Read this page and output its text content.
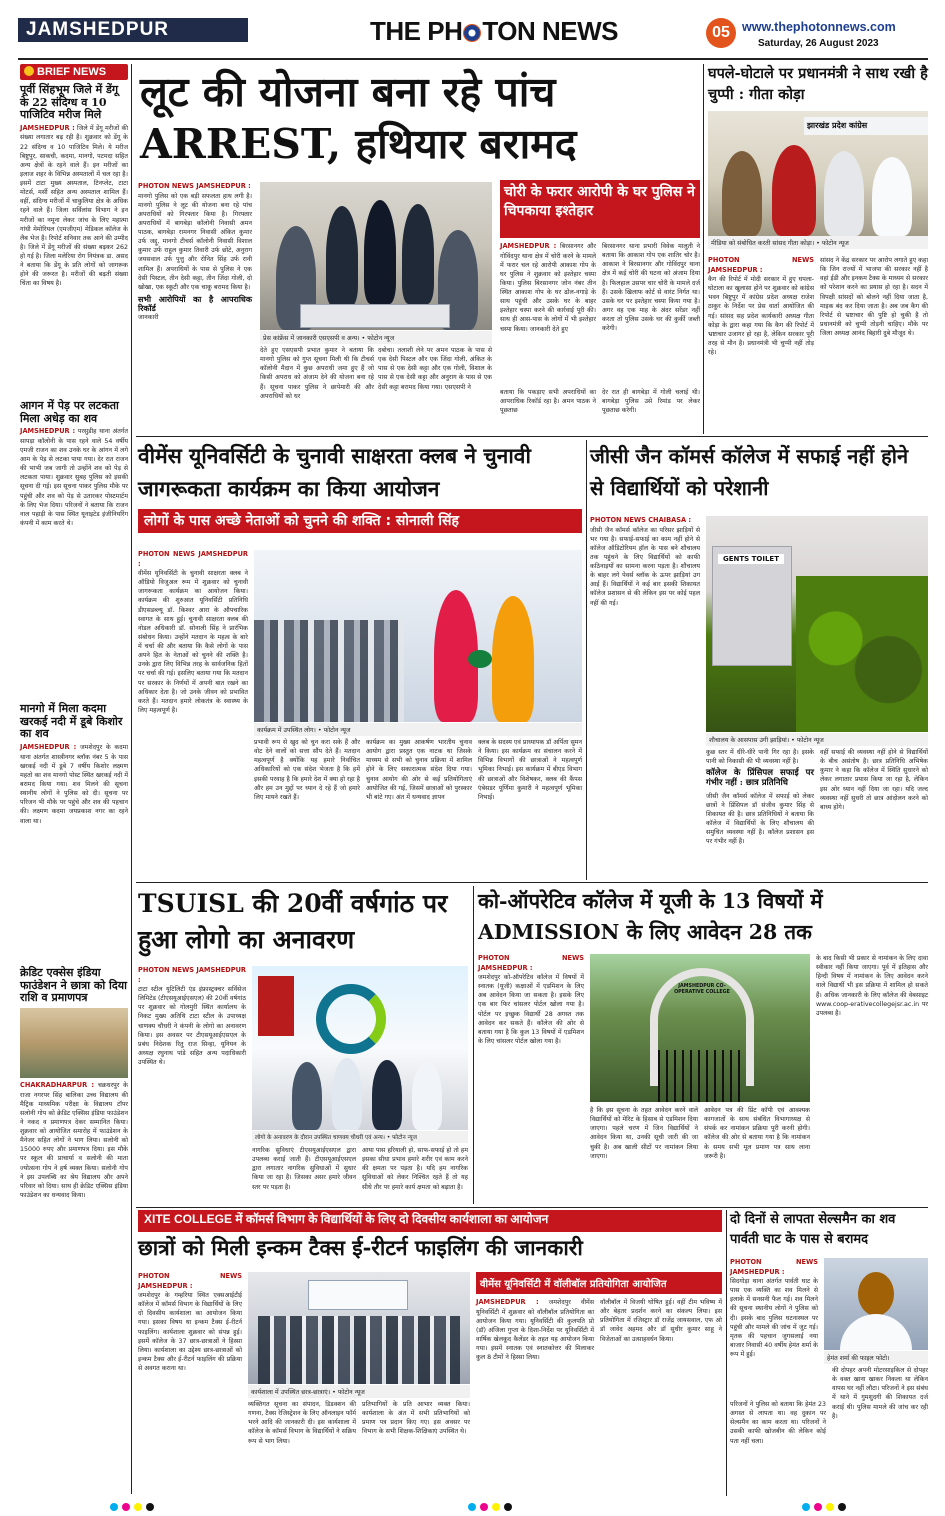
JAMSHEDPUR	THE PH TON NEWS	05 www.thephotonnews.com
Saturday, 26 August 2023
BRIEF NEWS
पूर्वी सिंहभूम जिले में डेंगू के 22 संदिग्ध व 10 पाजिटिव मरीज मिले
JAMSHEDPUR : जिले में डेंगू मरीजों की संख्या लगातार बढ़ रही है। शुक्रवार को डेंगू के 22 संदिग्ध व 10 पाजिटिव मिले। ये मरीज बिष्टुपुर, साकची, कदमा, मानगो, पटमदा सहित अन्य क्षेत्रों के रहने वाले हैं। इन मरीजों का इलाज शहर के विभिन्न अस्पतालों में चल रहा है। इसमें टाटा मुख्य अस्पताल, टिनप्लेट, टाटा मोटर्स, मर्सी सहित अन्य अस्पताल शामिल हैं। वहीं, संदिग्ध मरीजों में चाकुलिया क्षेत्र के अधिक रहने वाले हैं। जिला सर्विलांस विभाग ने इन मरीजों का नमूना लेकर जांच के लिए महात्मा गांधी मेमोरियल (एमजीएम) मेडिकल कॉलेज के लैब भेज है। रिपोर्ट शनिवार तक आने की उम्मीद है। जिले में डेंगू मरीजों की संख्या बढ़कर 262 हो गई है। जिला मलेरिया रोग नियंत्रक डा. असद ने बताया कि डेंगू के प्रति लोगों को जागरूक होने की जरूरत है। मरीजों की बढ़ती संख्या चिंता का विषय है।
आगन में पेड़ पर लटकता मिला अधेड़ का शव
JAMSHEDPUR : परसुडीह थाना अंतर्गत सापड़ा कॉलोनी के पास रहने वाले 54 वर्षीय एमजी राजन का शव उनके घर के आंगन में लगे आम के पेड़ से लटका पाया गया। देर रात राजन की भाभी जब जागी तो उन्होंने शव को पेड़ से लटकता पाया। शुक्रवार सुबह पुलिस को इसकी सूचना दी गई। इस सूचना पाकर पुलिस मौके पर पहुंची और शव को पेड़ से उतारकर पोस्टमार्टम के लिए भेज दिया। परिजनों ने बताया कि राजन नाल पहाड़ी के पास स्थित यूनाइटेड इंजीनियरिंग कंपनी में काम करते थे।
मानगो में मिला कदमा खरकई नदी में डूबे किशोर का शव
JAMSHEDPUR : जमशेदपुर के कदमा थाना अंतर्गत शास्त्रीनगर ब्लॉक नंबर 5 के पास खरकई नदी में डूबे 7 वर्षीय किशोर लक्ष्मण महतो का शव मानगो पोस्ट स्थित खरकई नदी में बरामद किया गया। शव मिलने की सूचना स्थानीय लोगों ने पुलिस को दी। सूचना पर परिजन भी मौके पर पहुंचे और शव की पहचान की। लक्ष्मण कदमा जयप्रकाश नगर का रहने वाला था।
क्रेडिट एक्सेस इंडिया फाउंडेशन ने छात्रा को दिया राशि व प्रमाणपत्र
CHAKRADHARPUR : चक्रधरपुर के राजा नगरपर सिंह बालिका उच्च विद्यालय की मैट्रिक माध्यमिक परीक्षा के विद्यालय टॉपर सलोनी गोप को क्रेडिट एक्सिस इंडिया फाउंडेशन ने नकद व प्रमाणपत्र देकर सम्मानित किया। शुक्रवार को आयोजित समारोह में फाउंडेशन के मैनेजर सहित लोगों ने भाग लिया। सलोनी को 15000 रुपए और प्रमाणपत्र दिया। इस मौके पर स्कूल की प्राचार्या व सलोनी की माता ज्योत्सना गोप ने हर्ष व्यक्त किया। सलोनी गोप ने इस उपलब्धि का श्रेय विद्यालय और अपने परिवार को दिया। साथ ही क्रेडिट एक्सिस इंडिया फाउंडेशन का धन्यवाद किया।
लूट की योजना बना रहे पांच ARREST, हथियार बरामद
PHOTON NEWS JAMSHEDPUR :
मानगो पुलिस को एक बड़ी सफलता हाथ लगी है। मानगो पुलिस ने लूट की योजना बना रहे पांच अपराधियों को गिरफ्तार किया है। गिरफ्तार अपराधियों में बागबेड़ा कॉलोनी निवासी अमन पाठक, बागबेड़ा रामनगर निवासी अंकित कुमार उर्फ जद्दू, मानगो टीचर्स कॉलोनी निवासी विशाल कुमार उर्फ राहुल कुमार तिवारी उर्फ छोटे, अनुराग जयसवाल उर्फ पुत्तु और रोनित सिंह उर्फ रानी शामिल हैं। अपराधियों के पास से पुलिस ने एक देसी पिस्टल, तीन देसी कट्टा, तीन जिंदा गोली, दो खोखा, एक स्कूटी और एक चाकू बरामद किया है।
सभी आरोपियों का है आपराधिक रिकॉर्ड
जानकारी
प्रेस कांफ्रेंस में जानकारी एसएसपी व अन्य। • फोटोन न्यूज
देते हुए एसएसपी प्रभात कुमार ने बताया कि मानगो पुलिस को गुप्त सूचना मिली थी कि टीचर्स कॉलोनी मैदान में कुछ अपराधी जमा हुए हैं जो किसी अपराध को अंजाम देने की योजना बना रहे हैं। सूचना पाकर पुलिस ने छापेमारी की और अपराधियों को धर
दबोचा। तलाशी लेने पर अमन पाठक के पास से एक देसी पिस्टल और एक जिंदा गोली, अंकित के पास से एक देसी कट्टा और एक गोली, विशाल के पास से एक देसी कट्टा और अनुराग के पास से एक देसी कट्टा बरामद किया गया। एसएसपी ने
चोरी के फरार आरोपी के घर पुलिस ने चिपकाया इश्तेहार
JAMSHEDPUR : बिरसानगर और गोविंदपुर थाना क्षेत्र में चोरी करने के मामले में फरार चल रहे आरोपी आकाश गोप के घर पुलिस ने शुक्रवार को इश्तेहार चस्पा किया। पुलिस बिरसानगर जोन नंबर तीन स्थित आकाश गोप के घर ढोल-नगाड़े के साथ पहुंची और उसके घर के बाहर इश्तेहार चस्पा करने की कार्रवाई पूरी की। साथ ही आस-पास के लोगों में भी इश्तेहार चस्पा किया। जानकारी देते हुए
बिरसानगर थाना प्रभारी विवेक मालुती ने बताया कि आकाश गोप एक शातिर चोर है। आकाश ने बिरसानगर और गोविंदपुर थाना क्षेत्र में कई चोरी की घटना को अंजाम दिया है। फिलहाल उसपर चार चोरी के मामले दर्ज हैं। उसके खिलाफ कोर्ट से वारंट निर्गत था। उसके घर पर इश्तेहार चस्पा किया गया है। अगर वह एक माह के अंदर सरेंडर नहीं करता तो पुलिस उसके घर की कुर्की जब्ती करेगी।
बताया कि पकड़ाए सभी अपराधियों का आपराधिक रिकॉर्ड रहा है। अमन पाठक ने पूछताछ
देर रात ही बागबेड़ा में गोली चलाई थी। बागबेड़ा पुलिस उसे रिमांड पर लेकर पूछताछ करेगी।
घपले-घोटाले पर प्रधानमंत्री ने साथ रखी है चुप्पी : गीता कोड़ा
झारखंड प्रदेश कांग्रेस
मीडिया को संबोधित करती सांसद गीता कोड़ा। • फोटोन न्यूज
PHOTON NEWS JAMSHEDPUR :
कैग की रिपोर्ट में मोदी सरकार में हुए घपला-घोटाला का खुलासा होने पर शुक्रवार को कांग्रेस भवन बिष्टुपुर में कांग्रेस प्रदेश अध्यक्ष राजेश ठाकुर के निर्देश पर प्रेस वार्ता आयोजित की गई। सांसद सह प्रदेश कार्यकारी अध्यक्ष गीता कोड़ा के द्वारा कहा गया कि कैग की रिपोर्ट में भ्रष्टाचार उजागर हो रहा है, लेकिन सरकार पूरी तरह से मौन है। प्रधानमंत्री भी चुप्पी नहीं तोड़ रहे।
सांसद ने केंद्र सरकार पर आरोप लगाते हुए कहा कि जिन राज्यों में भाजपा की सरकार नहीं है वहां ईडी और इनकम टैक्स के माध्यम से सरकार को परेशान करने का प्रयास हो रहा है। सदन में विपक्षी सांसदों को बोलने नहीं दिया जाता है, माइक बंद कर दिया जाता है। अब जब कैग की रिपोर्ट से भ्रष्टाचार की पुष्टि हो चुकी है तो प्रधानमंत्री को चुप्पी तोड़नी चाहिए। मौके पर जिला अध्यक्ष आनंद बिहारी दुबे मौजूद थे।
वीमेंस यूनिवर्सिटी के चुनावी साक्षरता क्लब ने चुनावी जागरूकता कार्यक्रम का किया आयोजन
लोगों के पास अच्छे नेताओं को चुनने की शक्ति : सोनाली सिंह
PHOTON NEWS JAMSHEDPUR :
वीमेंस यूनिवर्सिटी के चुनावी साक्षरता क्लब ने ऑडियो विजुअल रूम में शुक्रवार को चुनावी जागरूकता कार्यक्रम का आयोजन किया। कार्यक्रम की शुरुआत यूनिवर्सिटी प्रतिनिधि डीएसडब्ल्यू डॉ. किश्वर आरा के औपचारिक स्वागत के साथ हुई। चुनावी साक्षरता क्लब की नोडल अधिकारी डॉ. सोनाली सिंह ने प्रारंभिक संबोधन किया। उन्होंने मतदान के महत्व के बारे में चर्चा की और बताया कि कैसे लोगों के पास अपने हित के नेताओं को चुनने की शक्ति है। उनके द्वारा लिए विभिन्न तरह के सार्वजनिक हितों पर चर्चा की गई। इसलिए बताया गया कि मतदान पर सरकार के निर्णयों में अपनी बात रखने का अधिकार देता है। जो उनके जीवन को प्रभावित करते हैं। मतदान हमारे लोकतंत्र के स्वास्थ्य के लिए महत्वपूर्ण है।
कार्यक्रम में उपस्थित लोग। • फोटोन न्यूज
प्रभावी रूप से खुद को चुन करा सके हैं और वोट देने वालों को सत्ता सौंप देते हैं। मतदान महत्वपूर्ण है क्योंकि यह हमारे निर्वाचित अधिकारियों को एक संदेश भेजता है कि हमें इसकी परवाह है कि हमारे देश में क्या हो रहा है और हम उन मुद्दों पर ध्यान दे रहे हैं जो हमारे लिए मायने रखते हैं।
कार्यक्रम का मुख्य आकर्षण भारतीय चुनाव आयोग द्वारा प्रस्तुत एक नाटक था जिसके माध्यम से सभी को चुनाव प्रक्रिया में शामिल होने के लिए सकारात्मक संदेश दिया गया। चुनाव आयोग की ओर से कई प्रतियोगिताएं आयोजित की गई, जिसमें छात्राओं को पुरस्कार भी बांटे गए। अंत में धन्यवाद ज्ञापन
क्लब के सदस्य एवं प्राध्यापक डॉ अर्पिता सुमन ने किया। इस कार्यक्रम का संचालन करने में विभिन्न विभागों की छात्राओं ने महत्वपूर्ण भूमिका निभाई। इस कार्यक्रम में बीएड विभाग की छात्राओं और विशेषकर, क्लब की कैंपस एंबेसडर पूर्णिमा कुमारी ने महत्वपूर्ण भूमिका निभाई।
जीसी जैन कॉमर्स कॉलेज में सफाई नहीं होने से विद्यार्थियों को परेशानी
PHOTON NEWS CHAIBASA :
जीसी जैन कॉमर्स कॉलेज का परिसर झाड़ियों से भर गया है। सफाई-सफाई का काम नहीं होने से कॉलेज ऑडिटोरियम हॉल के पास बने शौचालय तक पहुंचने के लिए विद्यार्थियों को काफी कठिनाइयों का सामना करना पड़ता है। शौचालय के बाहर लगे पेवर्स ब्लॉक के ऊपर झाड़ियां उग आई हैं। विद्यार्थियों ने कई बार इसकी शिकायत कॉलेज प्रशासन से की लेकिन इस पर कोई पहल नहीं की गई।
GENTS TOILET
शौचालय के आसपास उगी झाड़ियां। • फोटोन न्यूज
कुछ स्तर में धीरे-धीरे पानी गिर रहा है। इसके पानी को निकासी की भी व्यवस्था नहीं है।
कॉलेज के प्रिंसिपल सफाई पर गंभीर नहीं : छात्र प्रतिनिधि
जीसी जैन कॉमर्स कॉलेज में सफाई को लेकर छात्रों ने प्रिंसिपल डॉ संजीव कुमार सिंह से शिकायत की है। छात्र प्रतिनिधियों ने बताया कि कॉलेज में विद्यार्थियों के लिए शौचालय की समुचित व्यवस्था नहीं है। कॉलेज प्रशासन इस पर गंभीर नहीं है।
वहीं सफाई की व्यवस्था नहीं होने से विद्यार्थियों के बीच असंतोष है। छात्र प्रतिनिधि अभिषेक कुमार ने कहा कि कॉलेज में स्थिति सुधारने को लेकर लगातार प्रयास किया जा रहा है, लेकिन इस ओर ध्यान नहीं दिया जा रहा। यदि जल्द व्यवस्था नहीं सुधरी तो छात्र आंदोलन करने को बाध्य होंगे।
TSUISL की 20वीं वर्षगांठ पर हुआ लोगो का अनावरण
PHOTON NEWS JAMSHEDPUR :
टाटा स्टील यूटिलिटी एंड इंफ्रास्ट्रक्चर सर्विसेज लिमिटेड (टीएसयूआईएसएल) की 20वीं वर्षगांठ पर शुक्रवार को गोलमुरी स्थित कार्यालय के निकट मुख्य अतिथि टाटा स्टील के उपाध्यक्ष चाणक्य चौधरी ने कंपनी के लोगो का अनावरण किया। इस अवसर पर टीएसयूआईएसएल के प्रबंध निदेशक रितु राज सिन्हा, यूनियन के अध्यक्ष रघुनाथ पांडे सहित अन्य पदाधिकारी उपस्थित थे।
लोगो के अनावरण के दौरान उपस्थित चाणक्य चौधरी एवं अन्य। • फोटोन न्यूज
नागरिक सुविधाएं टीएसयूआईएसएल द्वारा उपलब्ध कराई जाती हैं। टीएसयूआईएसएल द्वारा लगातार नागरिक सुविधाओं में सुधार किया जा रहा है। जिसका असर हमारे जीवन स्तर पर पड़ता है।
आया पास हरियाली हो, साफ-सफाई हो तो हम इसका सीधा प्रभाव हमारे शरीर एवं काम करने की क्षमता पर पड़ता है। यदि हम नागरिक सुविधाओं को लेकर निश्चित रहते हैं तो यह सीधे तौर पर हमारे कार्य क्षमता को बढ़ाता है।
को-ऑपरेटिव कॉलेज में यूजी के 13 विषयों में ADMISSION के लिए आवेदन 28 तक
PHOTON NEWS JAMSHEDPUR :
जमशेदपुर को-ऑपरेटिव कॉलेज में विषयों में स्नातक (यूजी) कक्षाओं में एडमिशन के लिए अब आवेदन किया जा सकता है। इसके लिए एक बार फिर चांसलर पोर्टल खोला गया है। पोर्टल पर इच्छुक विद्यार्थी 28 अगस्त तक आवेदन कर सकते हैं। कॉलेज की ओर से बताया गया है कि कुल 13 विषयों में एडमिशन के लिए चांसलर पोर्टल खोला गया है।
JAMSHEDPUR CO-OPERATIVE COLLEGE
है कि इस सूचना के तहत आवेदन करने वाले विद्यार्थियों को मेरिट के हिसाब से एडमिशन दिया जाएगा। पहले चरण में जिन विद्यार्थियों ने आवेदन किया था, उनकी सूची जारी की जा चुकी है। अब खाली सीटों पर नामांकन लिया जाएगा।
आवेदन पत्र की प्रिंट कॉपी एवं आवश्यक कागजातों के साथ संबंधित विभागाध्यक्ष से संपर्क कर नामांकन प्रक्रिया पूरी करनी होगी। कॉलेज की ओर से बताया गया है कि नामांकन के समय सभी मूल प्रमाण पत्र साथ लाना जरूरी है।
के बाद किसी भी प्रकार से नामांकन के लिए दावा स्वीकार नहीं किया जाएगा। पूर्व में इतिहास और हिन्दी विषय में नामांकन के लिए आवेदन करने वाले विद्यार्थी भी इस प्रक्रिया में शामिल हो सकते हैं। अधिक जानकारी के लिए कॉलेज की वेबसाइट www.coop-erativecollegejsr.ac.in पर उपलब्ध है।
XITE COLLEGE में कॉमर्स विभाग के विद्यार्थियों के लिए दो दिवसीय कार्यशाला का आयोजन
छात्रों को मिली इन्कम टैक्स ई-रीटर्न फाइलिंग की जानकारी
PHOTON NEWS JAMSHEDPUR :
जमशेदपुर के गम्हरिया स्थित एक्सआईटीई कॉलेज में कॉमर्स विभाग के विद्यार्थियों के लिए दो दिवसीय कार्यशाला का आयोजन किया गया। इसका विषय था इन्कम टैक्स ई-रीटर्न फाइलिंग। कार्यशाला शुक्रवार को संपन्न हुई। इसमें कॉलेज के 37 छात्र-छात्राओं ने हिस्सा लिया। कार्यशाला का उद्देश्य छात्र-छात्राओं को इन्कम टैक्स और ई-रीटर्न फाइलिंग की प्रक्रिया से अवगत कराना था।
कार्यशाला में उपस्थित छात्र-छात्राएं। • फोटोन न्यूज
व्यक्तिगत सूचना का संपादन, डिडक्शन की गणना, टैक्स रेजिस्ट्रेशन के लिए ऑनलाइन फॉर्म भरने आदि की जानकारी दी। इस कार्यशाला में कॉलेज के कॉमर्स विभाग के विद्यार्थियों ने सक्रिय रूप से भाग लिया।
प्रतिभागियों के प्रति आभार व्यक्त किया। कार्यशाला के अंत में सभी प्रतिभागियों को प्रमाण पत्र प्रदान किए गए। इस अवसर पर विभाग के सभी शिक्षक-शिक्षिकाएं उपस्थित थे।
वीमेंस यूनिवर्सिटी में वॉलीबॉल प्रतियोगिता आयोजित
JAMSHEDPUR : जमशेदपुर वीमेंस यूनिवर्सिटी में शुक्रवार को वॉलीबॉल प्रतियोगिता का आयोजन किया गया। यूनिवर्सिटी की कुलपति प्रो (डॉ) अंजिला गुप्ता के दिशा-निर्देश पर यूनिवर्सिटी में वार्षिक खेलकूद कैलेंडर के तहत यह आयोजन किया गया। इसमें स्नातक एवं स्नातकोत्तर की मिलाकर कुल 8 टीमों ने हिस्सा लिया।
वॉलीबॉल में विजयी घोषित हुई। वहीं टीम भविष्य में और बेहतर प्रदर्शन करने का संकल्प लिया। इस प्रतियोगिता में रजिस्ट्रार डॉ राजेंद्र जायसवाल, एफ ओ डॉ जावेद अहमद और डॉ सुधीर कुमार साहू ने विजेताओं का उत्साहवर्धन किया।
दो दिनों से लापता सेल्समैन का शव पार्वती घाट के पास से बरामद
PHOTON NEWS JAMSHEDPUR :
सिदगोड़ा थाना अंतर्गत पार्वती घाट के पास एक व्यक्ति का शव मिलने से इलाके में सनसनी फैल गई। शव मिलने की सूचना स्थानीय लोगों ने पुलिस को दी। इसके बाद पुलिस घटनास्थल पर पहुंची और मामले की जांच में जुट गई। मृतक की पहचान जुगसलाई नया बाजार निवासी 40 वर्षीय हेमंत शर्मा के रूप में हुई।
हेमंत शर्मा की फाइल फोटो।
परिजनों ने पुलिस को बताया कि हेमंत 23 अगस्त से लापता था। वह दुकान पर सेल्समैन का काम करता था। परिजनों ने उसकी काफी खोजबीन की लेकिन कोई पता नहीं चला।
की दोपहर अपनी मोटरसाइकिल से दोपहर के वक्त खाना खाकर निकला था लेकिन वापस घर नहीं लौटा। परिजनों ने इस संबंध में थाने में गुमशुदगी की शिकायत दर्ज कराई थी। पुलिस मामले की जांच कर रही है।
